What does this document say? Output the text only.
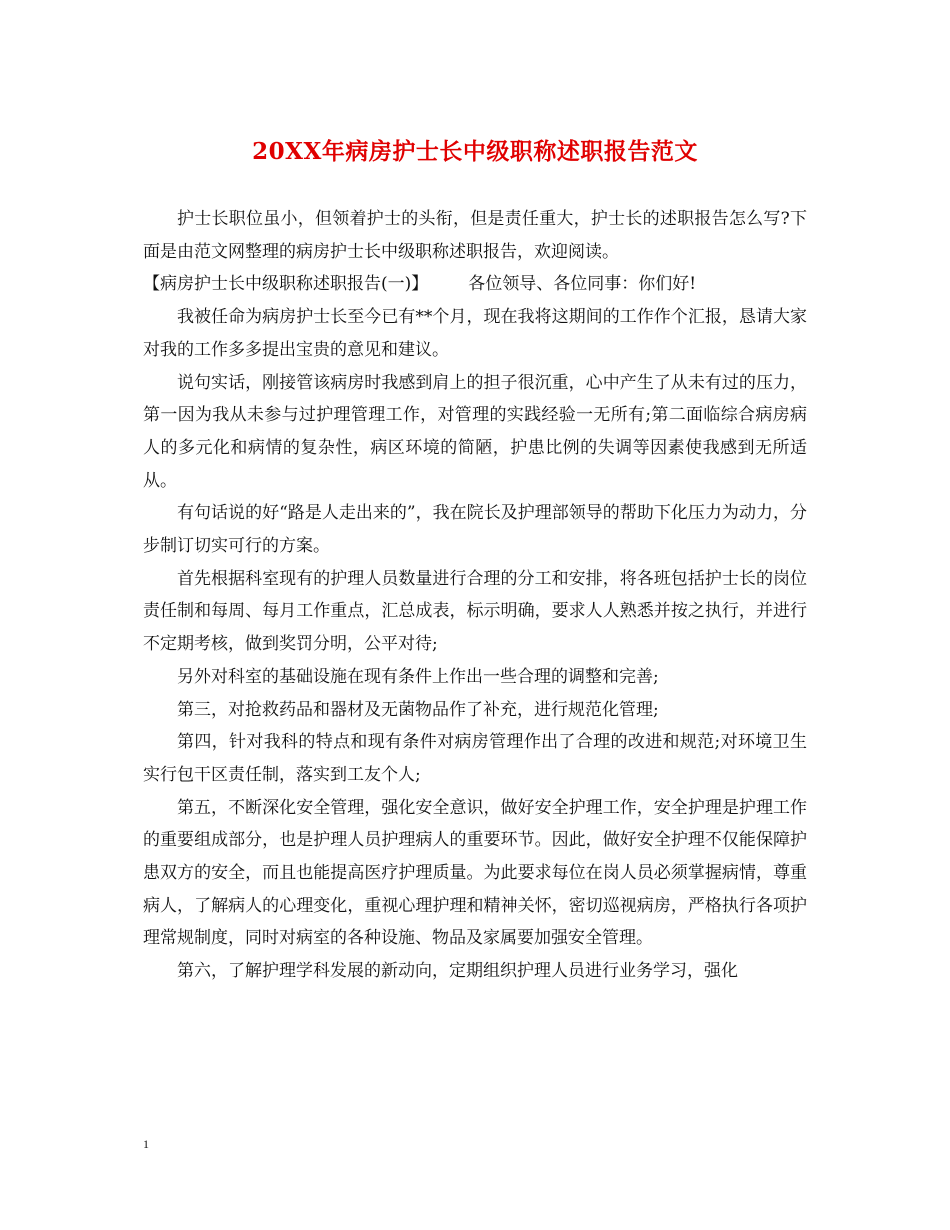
20XX年病房护士长中级职称述职报告范文

护士长职位虽小，但领着护士的头衔，但是责任重大，护士长的述职报告怎么写?下面是由范文网整理的病房护士长中级职称述职报告，欢迎阅读。

【病房护士长中级职称述职报告(一)】 各位领导、各位同事：你们好!

我被任命为病房护士长至今已有**个月，现在我将这期间的工作作个汇报，恳请大家对我的工作多多提出宝贵的意见和建议。

说句实话，刚接管该病房时我感到肩上的担子很沉重，心中产生了从未有过的压力，第一因为我从未参与过护理管理工作，对管理的实践经验一无所有;第二面临综合病房病人的多元化和病情的复杂性，病区环境的简陋，护患比例的失调等因素使我感到无所适从。

有句话说的好“路是人走出来的”，我在院长及护理部领导的帮助下化压力为动力，分步制订切实可行的方案。

首先根据科室现有的护理人员数量进行合理的分工和安排，将各班包括护士长的岗位责任制和每周、每月工作重点，汇总成表，标示明确，要求人人熟悉并按之执行，并进行不定期考核，做到奖罚分明，公平对待;

另外对科室的基础设施在现有条件上作出一些合理的调整和完善;

第三，对抢救药品和器材及无菌物品作了补充，进行规范化管理;

第四，针对我科的特点和现有条件对病房管理作出了合理的改进和规范;对环境卫生实行包干区责任制，落实到工友个人;

第五，不断深化安全管理，强化安全意识，做好安全护理工作，安全护理是护理工作的重要组成部分，也是护理人员护理病人的重要环节。因此，做好安全护理不仅能保障护患双方的安全，而且也能提高医疗护理质量。为此要求每位在岗人员必须掌握病情，尊重病人，了解病人的心理变化，重视心理护理和精神关怀，密切巡视病房，严格执行各项护理常规制度，同时对病室的各种设施、物品及家属要加强安全管理。

第六，了解护理学科发展的新动向，定期组织护理人员进行业务学习，强化

1
